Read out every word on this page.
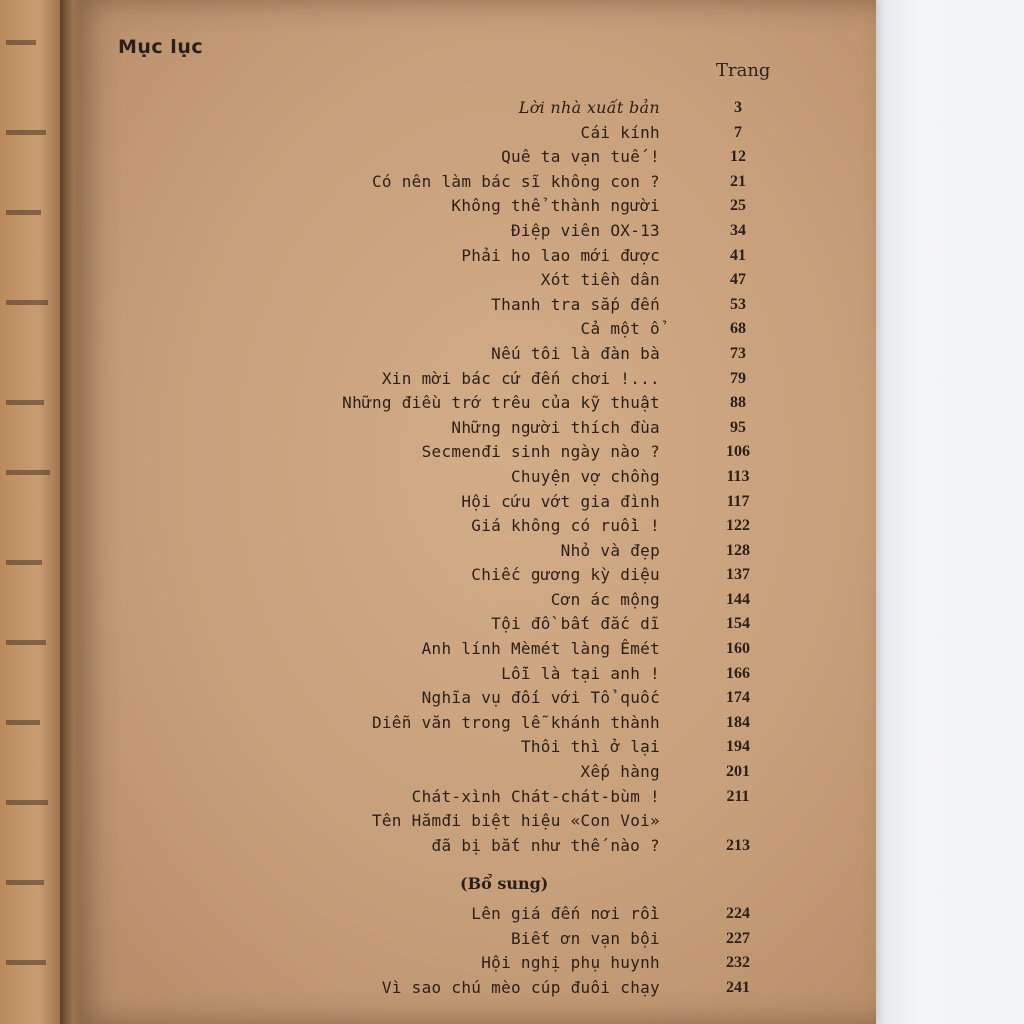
Mục lục
Trang
Lời nhà xuất bản	3
Cái kính	7
Quê ta vạn tuế !	12
Có nên làm bác sĩ không con ?	21
Không thể thành người	25
Điệp viên OX-13	34
Phải ho lao mới được	41
Xót tiền dân	47
Thanh tra sắp đến	53
Cả một ổ	68
Nếu tôi là đàn bà	73
Xin mời bác cứ đến chơi !...	79
Những điều trớ trêu của kỹ thuật	88
Những người thích đùa	95
Secmenđi sinh ngày nào ?	106
Chuyện vợ chồng	113
Hội cứu vớt gia đình	117
Giá không có ruồi !	122
Nhỏ và đẹp	128
Chiếc gương kỳ diệu	137
Cơn ác mộng	144
Tội đồ bất đắc dĩ	154
Anh lính Mèmét làng Êmét	160
Lỗi là tại anh !	166
Nghĩa vụ đối với Tổ quốc	174
Diễn văn trong lễ khánh thành	184
Thôi thì ở lại	194
Xếp hàng	201
Chát-xình Chát-chát-bùm !	211
Tên Hămđi biệt hiệu «Con Voi»
đã bị bắt như thế nào ?	213
(Bổ sung)
Lên giá đến nơi rồi	224
Biết ơn vạn bội	227
Hội nghị phụ huynh	232
Vì sao chú mèo cúp đuôi chạy	241
